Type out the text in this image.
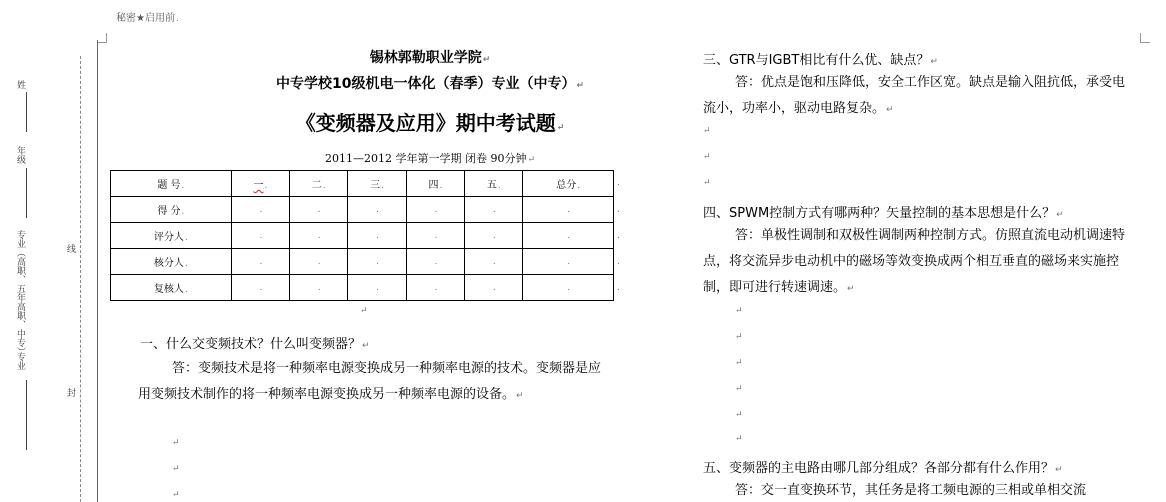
秘密★启用前.
姓
年级
专业（高职、五年高职、中专）
专业
线
封
锡林郭勒职业学院↵
中专学校10级机电一体化（春季）专业（中专）↵
《变频器及应用》期中考试题↵
2011—2012 学年第一学期 闭卷 90分钟↵
题 号.	一.	二.	三.	四.	五.	总分.
得 分.	.	.	.	.	.	.
评分人.	.	.	.	.	.	.
核分人.	.	.	.	.	.	.
复核人.	.	.	.	.	.	.
.
.
.
.
.
↵
一、什么交变频技术？什么叫变频器？↵
答：变频技术是将一种频率电源变换成另一种频率电源的技术。变频器是应用变频技术制作的将一种频率电源变换成另一种频率电源的设备。↵
↵
↵
↵
三、GTR与IGBT相比有什么优、缺点？↵
答：优点是饱和压降低，安全工作区宽。缺点是输入阻抗低，承受电流小，功率小，驱动电路复杂。↵
↵
↵
↵
四、SPWM控制方式有哪两种？矢量控制的基本思想是什么？↵
答：单极性调制和双极性调制两种控制方式。仿照直流电动机调速特点，将交流异步电动机中的磁场等效变换成两个相互垂直的磁场来实施控制，即可进行转速调速。↵
↵
↵
↵
↵
↵
↵
五、变频器的主电路由哪几部分组成？各部分都有什么作用？↵
答：交一直变换环节，其任务是将工频电源的三相或单相交流
